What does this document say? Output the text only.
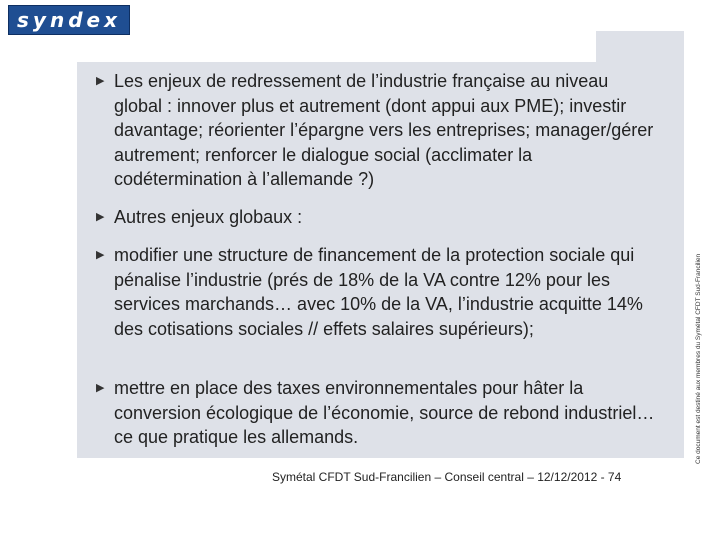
syndex
▶ Les enjeux de redressement de l’industrie française au niveau global : innover plus et autrement (dont appui aux PME); investir davantage; réorienter l’épargne vers les entreprises; manager/gérer autrement; renforcer le dialogue social (acclimater la codétermination à l’allemande ?)
▶ Autres enjeux globaux :
▶ modifier une structure de financement de la protection sociale qui pénalise l’industrie (prés de 18% de la VA contre 12% pour les services marchands… avec 10% de la VA, l’industrie acquitte 14% des cotisations sociales // effets salaires supérieurs);
▶ mettre en place des taxes environnementales pour hâter la conversion écologique de l’économie, source de rebond industriel… ce que pratique les allemands.	Ce document est destiné aux membres du Symétal CFDT Sud-Francilien
Symétal CFDT Sud-Francilien – Conseil central – 12/12/2012 - 74
